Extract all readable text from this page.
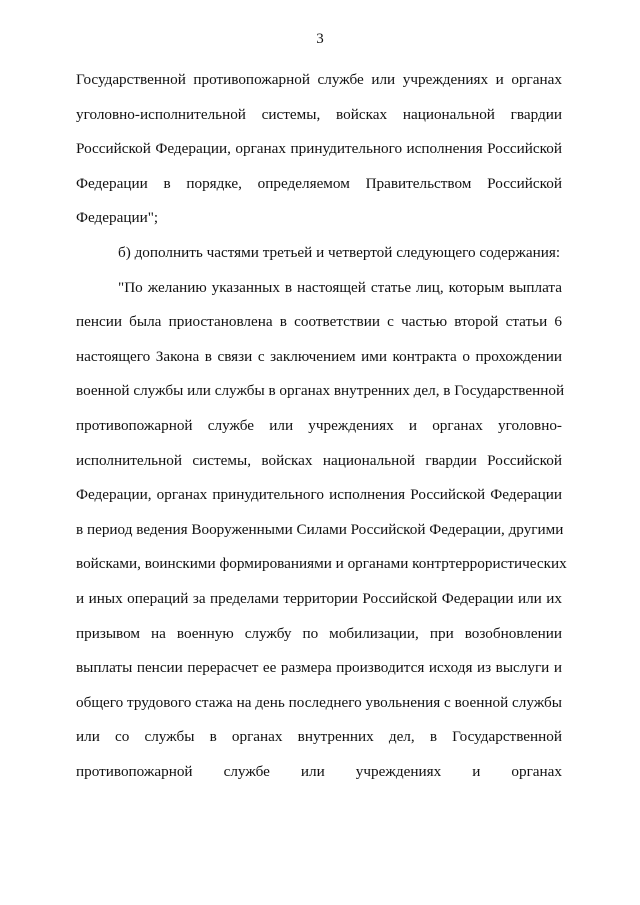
3
Государственной противопожарной службе или учреждениях и органах
уголовно-исполнительной системы, войсках национальной гвардии
Российской Федерации, органах принудительного исполнения Российской
Федерации в порядке, определяемом Правительством Российской
Федерации";
б) дополнить частями третьей и четвертой следующего содержания:
"По желанию указанных в настоящей статье лиц, которым выплата
пенсии была приостановлена в соответствии с частью второй статьи 6
настоящего Закона в связи с заключением ими контракта о прохождении
военной службы или службы в органах внутренних дел, в Государственной
противопожарной службе или учреждениях и органах уголовно-
исполнительной системы, войсках национальной гвардии Российской
Федерации, органах принудительного исполнения Российской Федерации
в период ведения Вооруженными Силами Российской Федерации, другими
войсками, воинскими формированиями и органами контртеррористических
и иных операций за пределами территории Российской Федерации или их
призывом на военную службу по мобилизации, при возобновлении
выплаты пенсии перерасчет ее размера производится исходя из выслуги и
общего трудового стажа на день последнего увольнения с военной службы
или со службы в органах внутренних дел, в Государственной
противопожарной службе или учреждениях и органах
